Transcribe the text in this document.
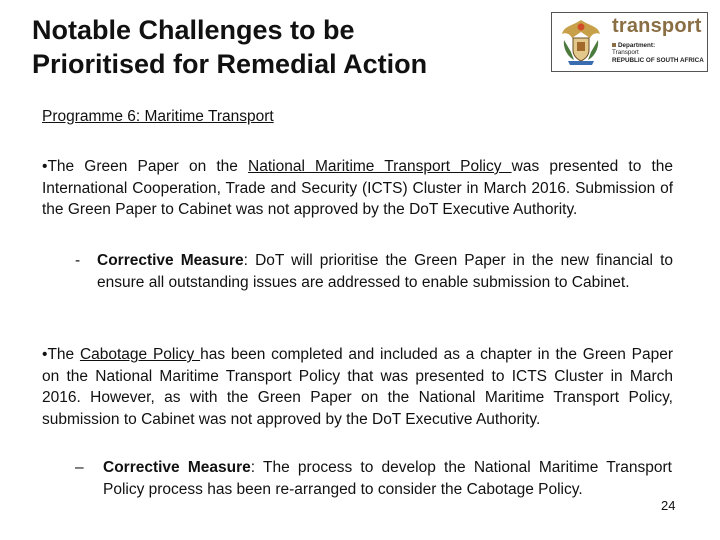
Notable Challenges to be
Prioritised for Remedial Action
transport
Department:
Transport
REPUBLIC OF SOUTH AFRICA
Programme 6: Maritime Transport
•The Green Paper on the National Maritime Transport Policy was presented to the International Cooperation, Trade and Security (ICTS) Cluster in March 2016. Submission of the Green Paper to Cabinet was not approved by the DoT Executive Authority.
- Corrective Measure: DoT will prioritise the Green Paper in the new financial to ensure all outstanding issues are addressed to enable submission to Cabinet.
•The Cabotage Policy has been completed and included as a chapter in the Green Paper on the National Maritime Transport Policy that was presented to ICTS Cluster in March 2016. However, as with the Green Paper on the National Maritime Transport Policy, submission to Cabinet was not approved by the DoT Executive Authority.
– Corrective Measure: The process to develop the National Maritime Transport Policy process has been re-arranged to consider the Cabotage Policy.
24
